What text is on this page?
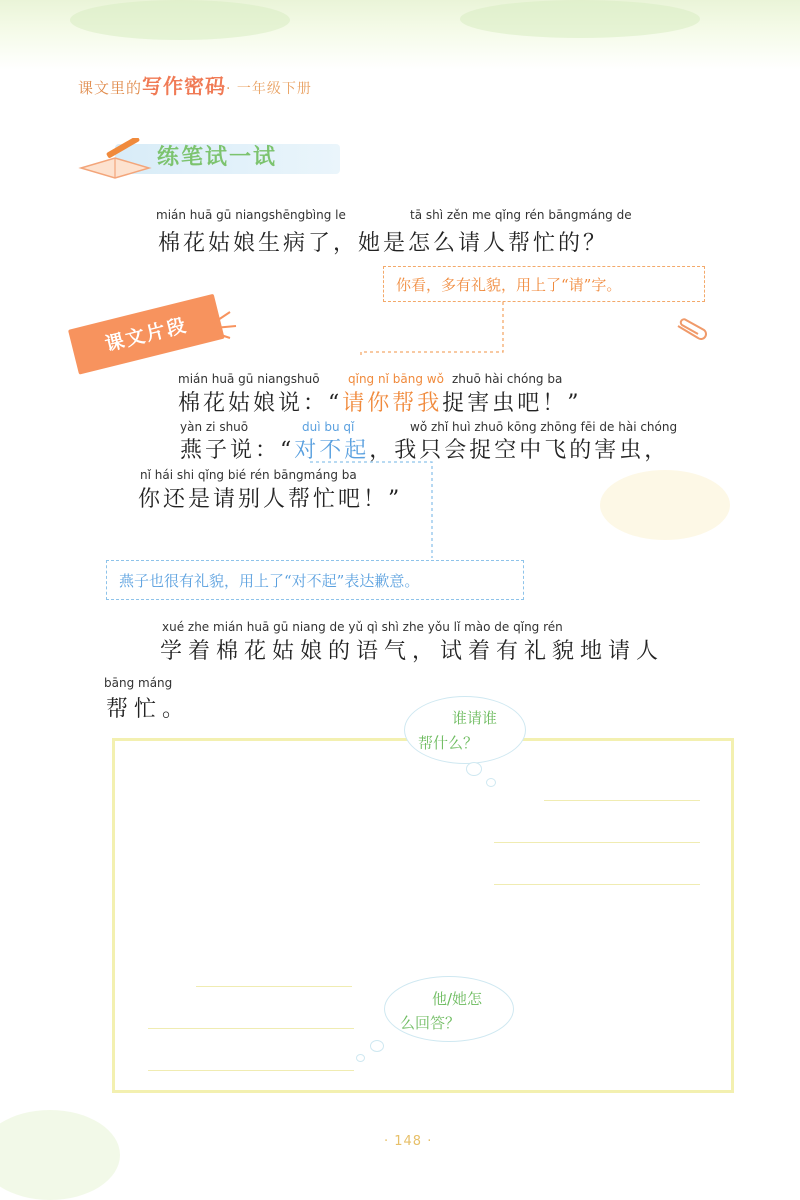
课文里的写作密码· 一年级下册
练笔试一试
mián huā gū niangshēngbìng le	tā shì zěn me qǐng rén bāngmáng de
棉花姑娘生病了，她是怎么请人帮忙的？
你看，多有礼貌，用上了“请”字。
课文片段
mián huā gū niangshuō qǐng nǐ bāng wǒ zhuō hài chóng ba
棉花姑娘说：“请你帮我捉害虫吧！”
yàn zi shuō	duì bu qǐ	wǒ zhǐ huì zhuō kōng zhōng fēi de hài chóng
燕子说：“对不起，我只会捉空中飞的害虫，
nǐ hái shi qǐng bié rén bāngmáng ba
你还是请别人帮忙吧！”
燕子也很有礼貌，用上了“对不起”表达歉意。
xué zhe mián huā gū niang de yǔ qì shì zhe yǒu lǐ mào de qǐng rén
学着棉花姑娘的语气，试着有礼貌地请人
bāng máng
帮忙。	谁请谁
帮什么？
他/她怎
么回答？
· 148 ·
